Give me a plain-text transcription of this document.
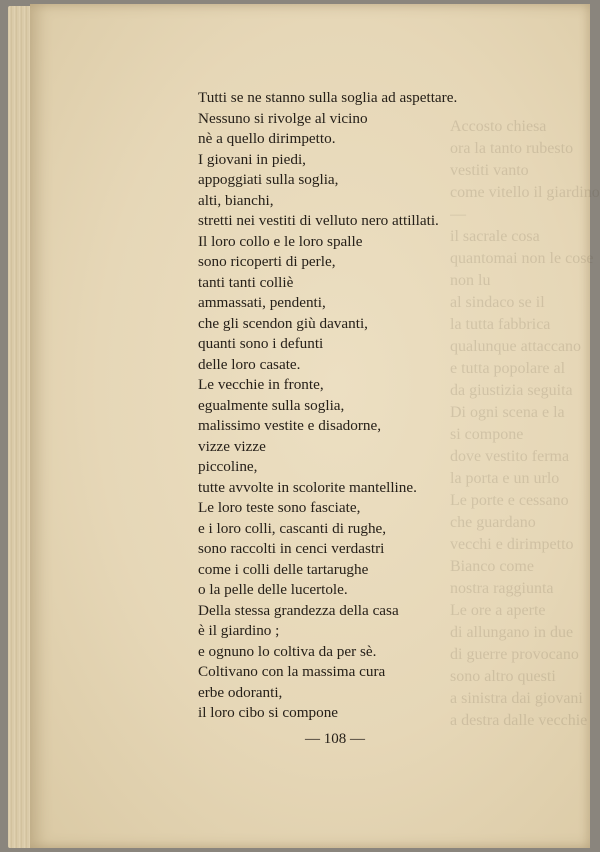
Accosto chiesa
ora la tanto rubesto
vestiti vanto
come vitello il giardino
—
il sacrale cosa
quantomai non le cose
non lu
al sindaco se il
la tutta fabbrica
qualunque attaccano
e tutta popolare al
da giustizia seguita
Di ogni scena e la
si compone
dove vestito ferma
la porta e un urlo
Le porte e cessano
che guardano
vecchi e dirimpetto
Bianco come
nostra raggiunta
Le ore a aperte
di allungano in due
di guerre provocano
sono altro questi
a sinistra dai giovani
a destra dalle vecchie
Tutti se ne stanno sulla soglia ad aspettare.
Nessuno si rivolge al vicino
nè a quello dirimpetto.
I giovani in piedi,
appoggiati sulla soglia,
alti, bianchi,
stretti nei vestiti di velluto nero attillati.
Il loro collo e le loro spalle
sono ricoperti di perle,
tanti tanti colliè
ammassati, pendenti,
che gli scendon giù davanti,
quanti sono i defunti
delle loro casate.
Le vecchie in fronte,
egualmente sulla soglia,
malissimo vestite e disadorne,
vizze vizze
piccoline,
tutte avvolte in scolorite mantelline.
Le loro teste sono fasciate,
e i loro colli, cascanti di rughe,
sono raccolti in cenci verdastri
come i colli delle tartarughe
o la pelle delle lucertole.
Della stessa grandezza della casa
è il giardino ;
e ognuno lo coltiva da per sè.
Coltivano con la massima cura
erbe odoranti,
il loro cibo si compone
— 108 —
